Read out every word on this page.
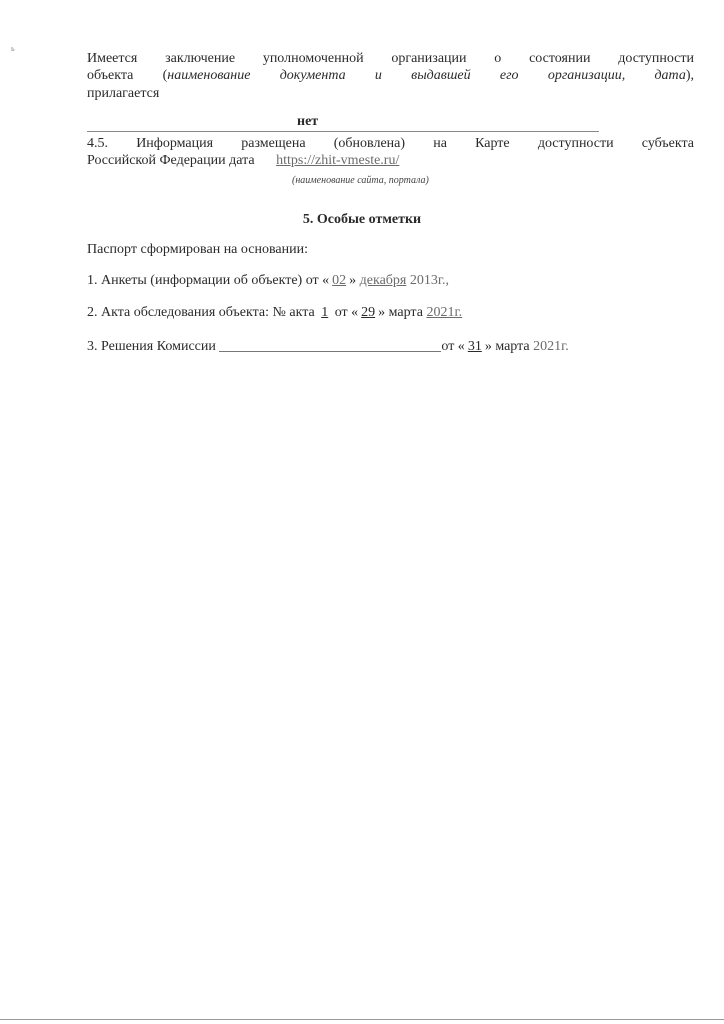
ь
Имеется заключение уполномоченной организации о состоянии доступности
объекта (наименование документа и выдавшей его организации, дата),
прилагается
нет
4.5. Информация размещена (обновлена) на Карте доступности субъекта
Российской Федерации дата https://zhit-vmeste.ru/
(наименование сайта, портала)
5. Особые отметки
Паспорт сформирован на основании:
1. Анкеты (информации об объекте) от « 02 » декабря 2013г.,
2. Акта обследования объекта: № акта 1 от « 29 » марта 2021г.
3. Решения Комиссии	от « 31 » марта 2021г.
